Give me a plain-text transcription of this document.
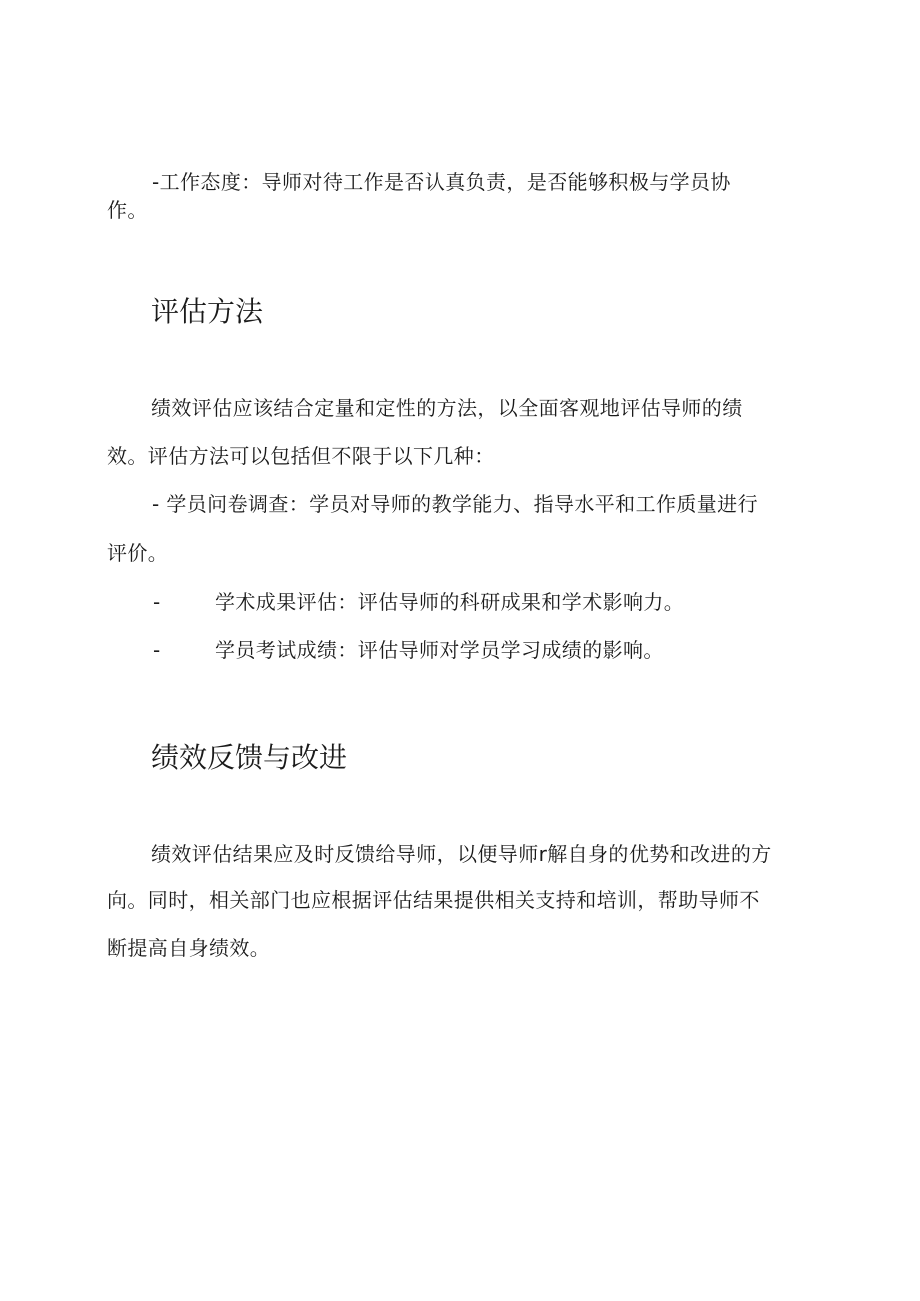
-工作态度：导师对待工作是否认真负责，是否能够积极与学员协
作。
评估方法
绩效评估应该结合定量和定性的方法，以全面客观地评估导师的绩
效。评估方法可以包括但不限于以下几种：
- 学员问卷调查：学员对导师的教学能力、指导水平和工作质量进行
评价。
-	学术成果评估：评估导师的科研成果和学术影响力。
-	学员考试成绩：评估导师对学员学习成绩的影响。
绩效反馈与改进
绩效评估结果应及时反馈给导师，以便导师r解自身的优势和改进的方
向。同时，相关部门也应根据评估结果提供相关支持和培训，帮助导师不
断提高自身绩效。
